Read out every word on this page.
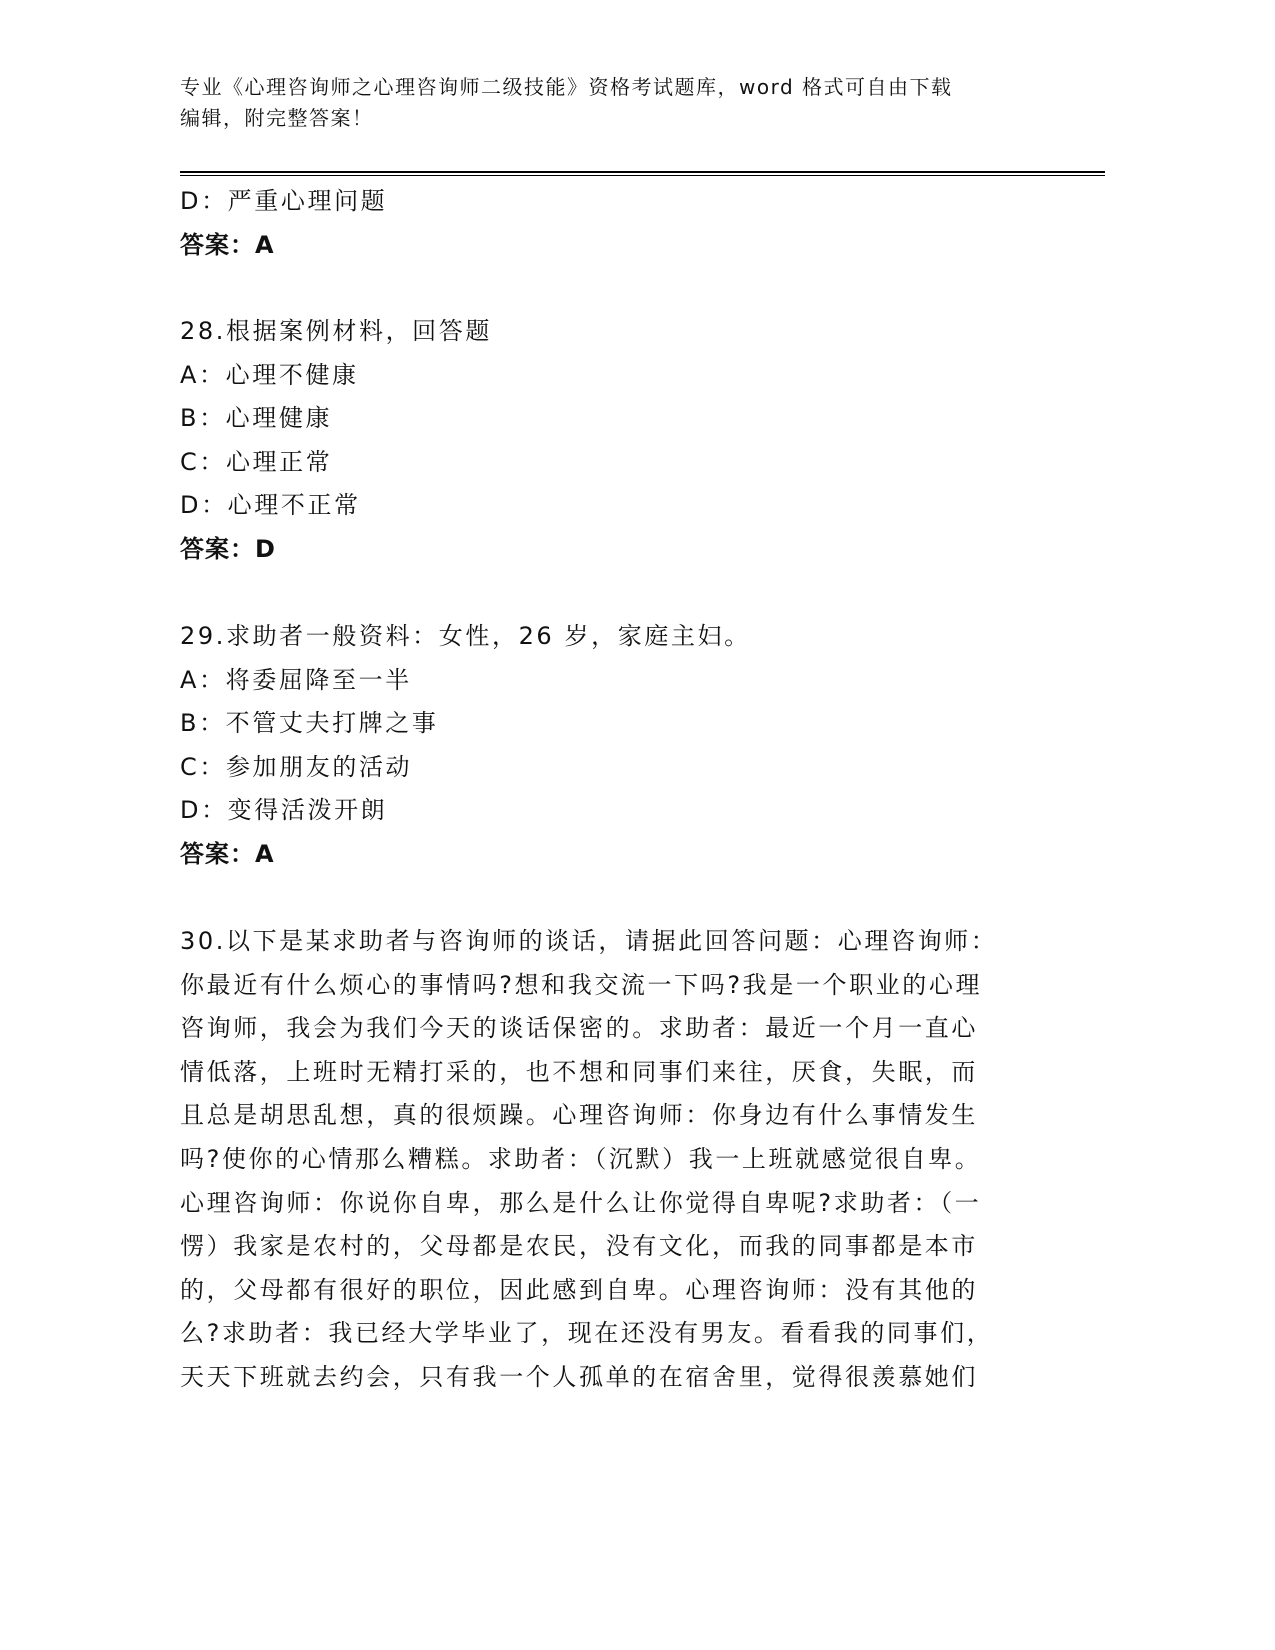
专业《心理咨询师之心理咨询师二级技能》资格考试题库，word 格式可自由下载
编辑，附完整答案！
D：严重心理问题
答案：A
28.根据案例材料，回答题
A：心理不健康
B：心理健康
C：心理正常
D：心理不正常
答案：D
29.求助者一般资料：女性，26 岁，家庭主妇。
A：将委屈降至一半
B：不管丈夫打牌之事
C：参加朋友的活动
D：变得活泼开朗
答案：A
30.以下是某求助者与咨询师的谈话，请据此回答问题：心理咨询师：
你最近有什么烦心的事情吗?想和我交流一下吗?我是一个职业的心理
咨询师，我会为我们今天的谈话保密的。求助者：最近一个月一直心
情低落，上班时无精打采的，也不想和同事们来往，厌食，失眠，而
且总是胡思乱想，真的很烦躁。心理咨询师：你身边有什么事情发生
吗?使你的心情那么糟糕。求助者：（沉默）我一上班就感觉很自卑。
心理咨询师：你说你自卑，那么是什么让你觉得自卑呢?求助者：（一
愣）我家是农村的，父母都是农民，没有文化，而我的同事都是本市
的，父母都有很好的职位，因此感到自卑。心理咨询师：没有其他的
么?求助者：我已经大学毕业了，现在还没有男友。看看我的同事们，
天天下班就去约会，只有我一个人孤单的在宿舍里，觉得很羡慕她们
